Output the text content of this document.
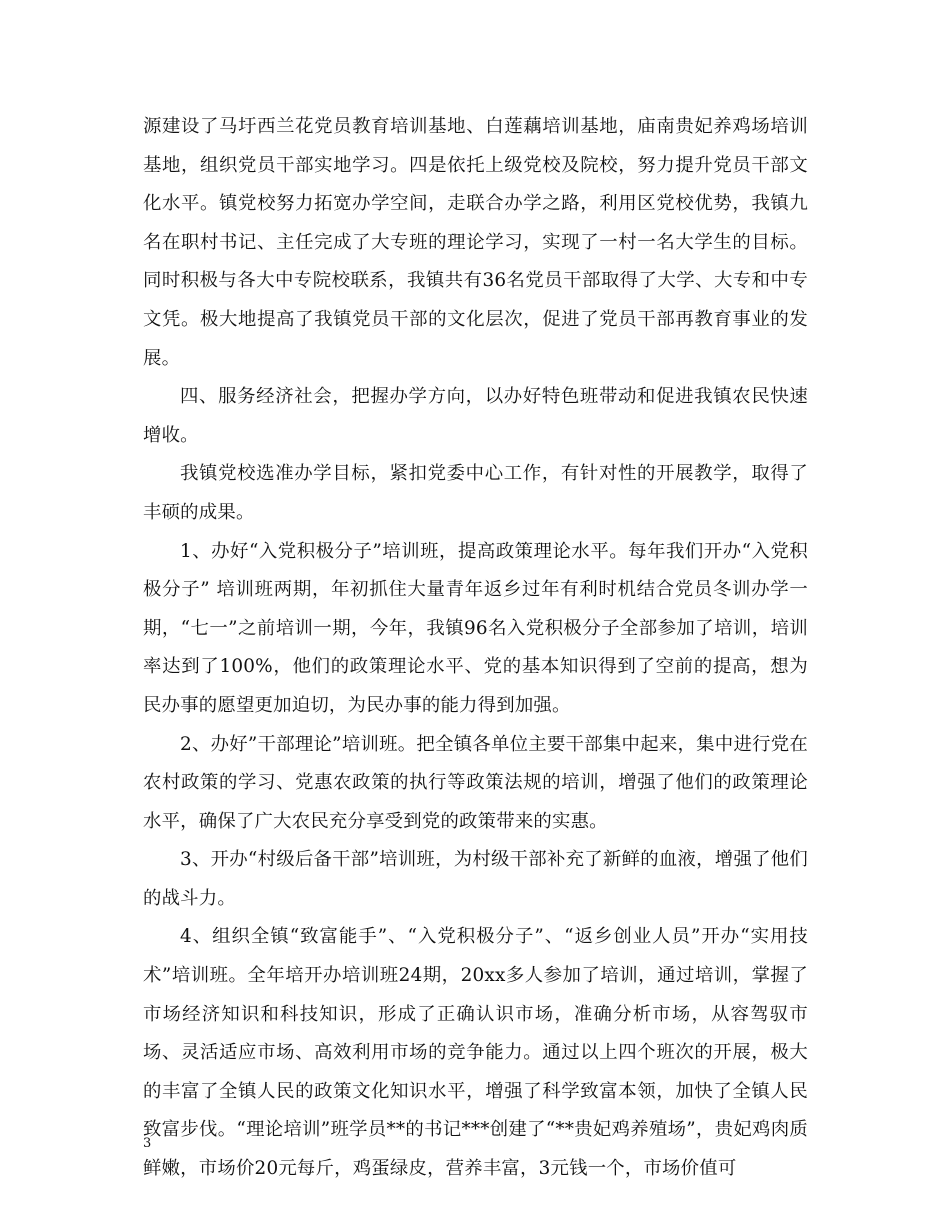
源建设了马圩西兰花党员教育培训基地、白莲藕培训基地，庙南贵妃养鸡场培训基地，组织党员干部实地学习。四是依托上级党校及院校，努力提升党员干部文化水平。镇党校努力拓宽办学空间，走联合办学之路，利用区党校优势，我镇九名在职村书记、主任完成了大专班的理论学习，实现了一村一名大学生的目标。同时积极与各大中专院校联系，我镇共有36名党员干部取得了大学、大专和中专文凭。极大地提高了我镇党员干部的文化层次，促进了党员干部再教育事业的发展。

四、服务经济社会，把握办学方向，以办好特色班带动和促进我镇农民快速增收。

我镇党校选准办学目标，紧扣党委中心工作，有针对性的开展教学，取得了丰硕的成果。

1、办好“入党积极分子”培训班，提高政策理论水平。每年我们开办“入党积极分子” 培训班两期，年初抓住大量青年返乡过年有利时机结合党员冬训办学一期，“七一”之前培训一期，今年，我镇96名入党积极分子全部参加了培训，培训率达到了100%，他们的政策理论水平、党的基本知识得到了空前的提高，想为民办事的愿望更加迫切，为民办事的能力得到加强。

2、办好”干部理论”培训班。把全镇各单位主要干部集中起来，集中进行党在农村政策的学习、党惠农政策的执行等政策法规的培训，增强了他们的政策理论水平，确保了广大农民充分享受到党的政策带来的实惠。

3、开办“村级后备干部”培训班，为村级干部补充了新鲜的血液，增强了他们的战斗力。

4、组织全镇“致富能手”、“入党积极分子”、“返乡创业人员”开办“实用技术”培训班。全年培开办培训班24期，20xx多人参加了培训，通过培训，掌握了市场经济知识和科技知识，形成了正确认识市场，准确分析市场，从容驾驭市场、灵活适应市场、高效利用市场的竞争能力。通过以上四个班次的开展，极大的丰富了全镇人民的政策文化知识水平，增强了科学致富本领，加快了全镇人民致富步伐。“理论培训”班学员**的书记***创建了“**贵妃鸡养殖场”，贵妃鸡肉质鲜嫩，市场价20元每斤，鸡蛋绿皮，营养丰富，3元钱一个，市场价值可

3
